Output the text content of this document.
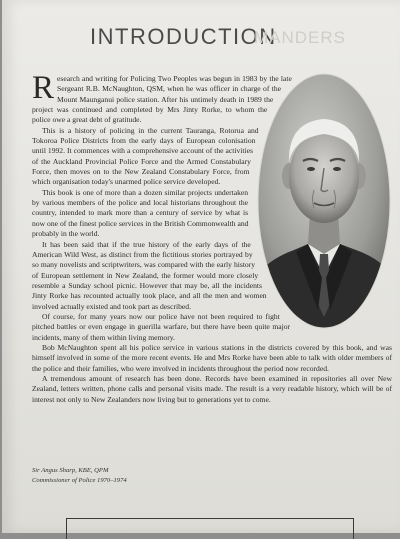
INTRODUCTION
MANDERS

Research and writing for Policing Two Peoples was begun in 1983 by the late Sergeant R.B. McNaughton, QSM, when he was officer in charge of the Mount Maunganui police station. After his untimely death in 1989 the project was continued and completed by Mrs Jinty Rorke, to whom the police owe a great debt of gratitude.

This is a history of policing in the current Tauranga, Rotorua and Tokoroa Police Districts from the early days of European colonisation until 1992. It commences with a comprehensive account of the activities of the Auckland Provincial Police Force and the Armed Constabulary Force, then moves on to the New Zealand Constabulary Force, from which organisation today's unarmed police service developed.

This book is one of more than a dozen similar projects undertaken by various members of the police and local historians throughout the country, intended to mark more than a century of service by what is now one of the finest police services in the British Commonwealth and probably in the world.

It has been said that if the true history of the early days of the American Wild West, as distinct from the fictitious stories portrayed by so many novelists and scriptwriters, was compared with the early history of European settlement in New Zealand, the former would more closely resemble a Sunday school picnic. However that may be, all the incidents Jinty Rorke has recounted actually took place, and all the men and women involved actually existed and took part as described.

Of course, for many years now our police have not been required to fight pitched battles or even engage in guerilla warfare, but there have been quite major incidents, many of them within living memory.

Bob McNaughton spent all his police service in various stations in the districts covered by this book, and was himself involved in some of the more recent events. He and Mrs Rorke have been able to talk with older members of the police and their families, who were involved in incidents throughout the period now recorded.

A tremendous amount of research has been done. Records have been examined in repositories all over New Zealand, letters written, phone calls and personal visits made. The result is a very readable history, which will be of interest not only to New Zealanders now living but to generations yet to come.

Sir Angus Sharp, KBE, QPM
Commissioner of Police 1970–1974
